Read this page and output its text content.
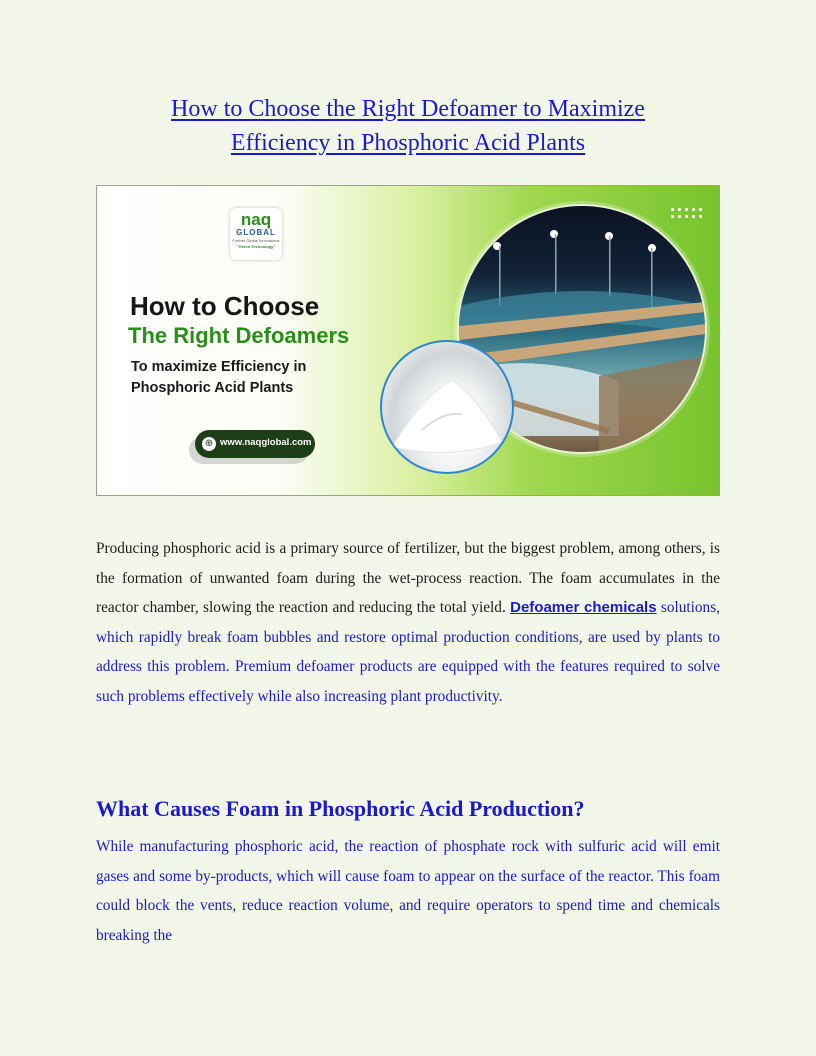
How to Choose the Right Defoamer to Maximize
Efficiency in Phosphoric Acid Plants
naq
GLOBAL
Further Global Innovations
"Green Technology"
How to Choose
The Right Defoamers
To maximize Efficiency in
Phosphoric Acid Plants
⊕ www.naqglobal.com

Producing phosphoric acid is a primary source of fertilizer, but the biggest problem, among others, is the formation of unwanted foam during the wet-process reaction. The foam accumulates in the reactor chamber, slowing the reaction and reducing the total yield. Defoamer chemicals solutions, which rapidly break foam bubbles and restore optimal production conditions, are used by plants to address this problem. Premium defoamer products are equipped with the features required to solve such problems effectively while also increasing plant productivity.

What Causes Foam in Phosphoric Acid Production?

While manufacturing phosphoric acid, the reaction of phosphate rock with sulfuric acid will emit gases and some by-products, which will cause foam to appear on the surface of the reactor. This foam could block the vents, reduce reaction volume, and require operators to spend time and chemicals breaking the
